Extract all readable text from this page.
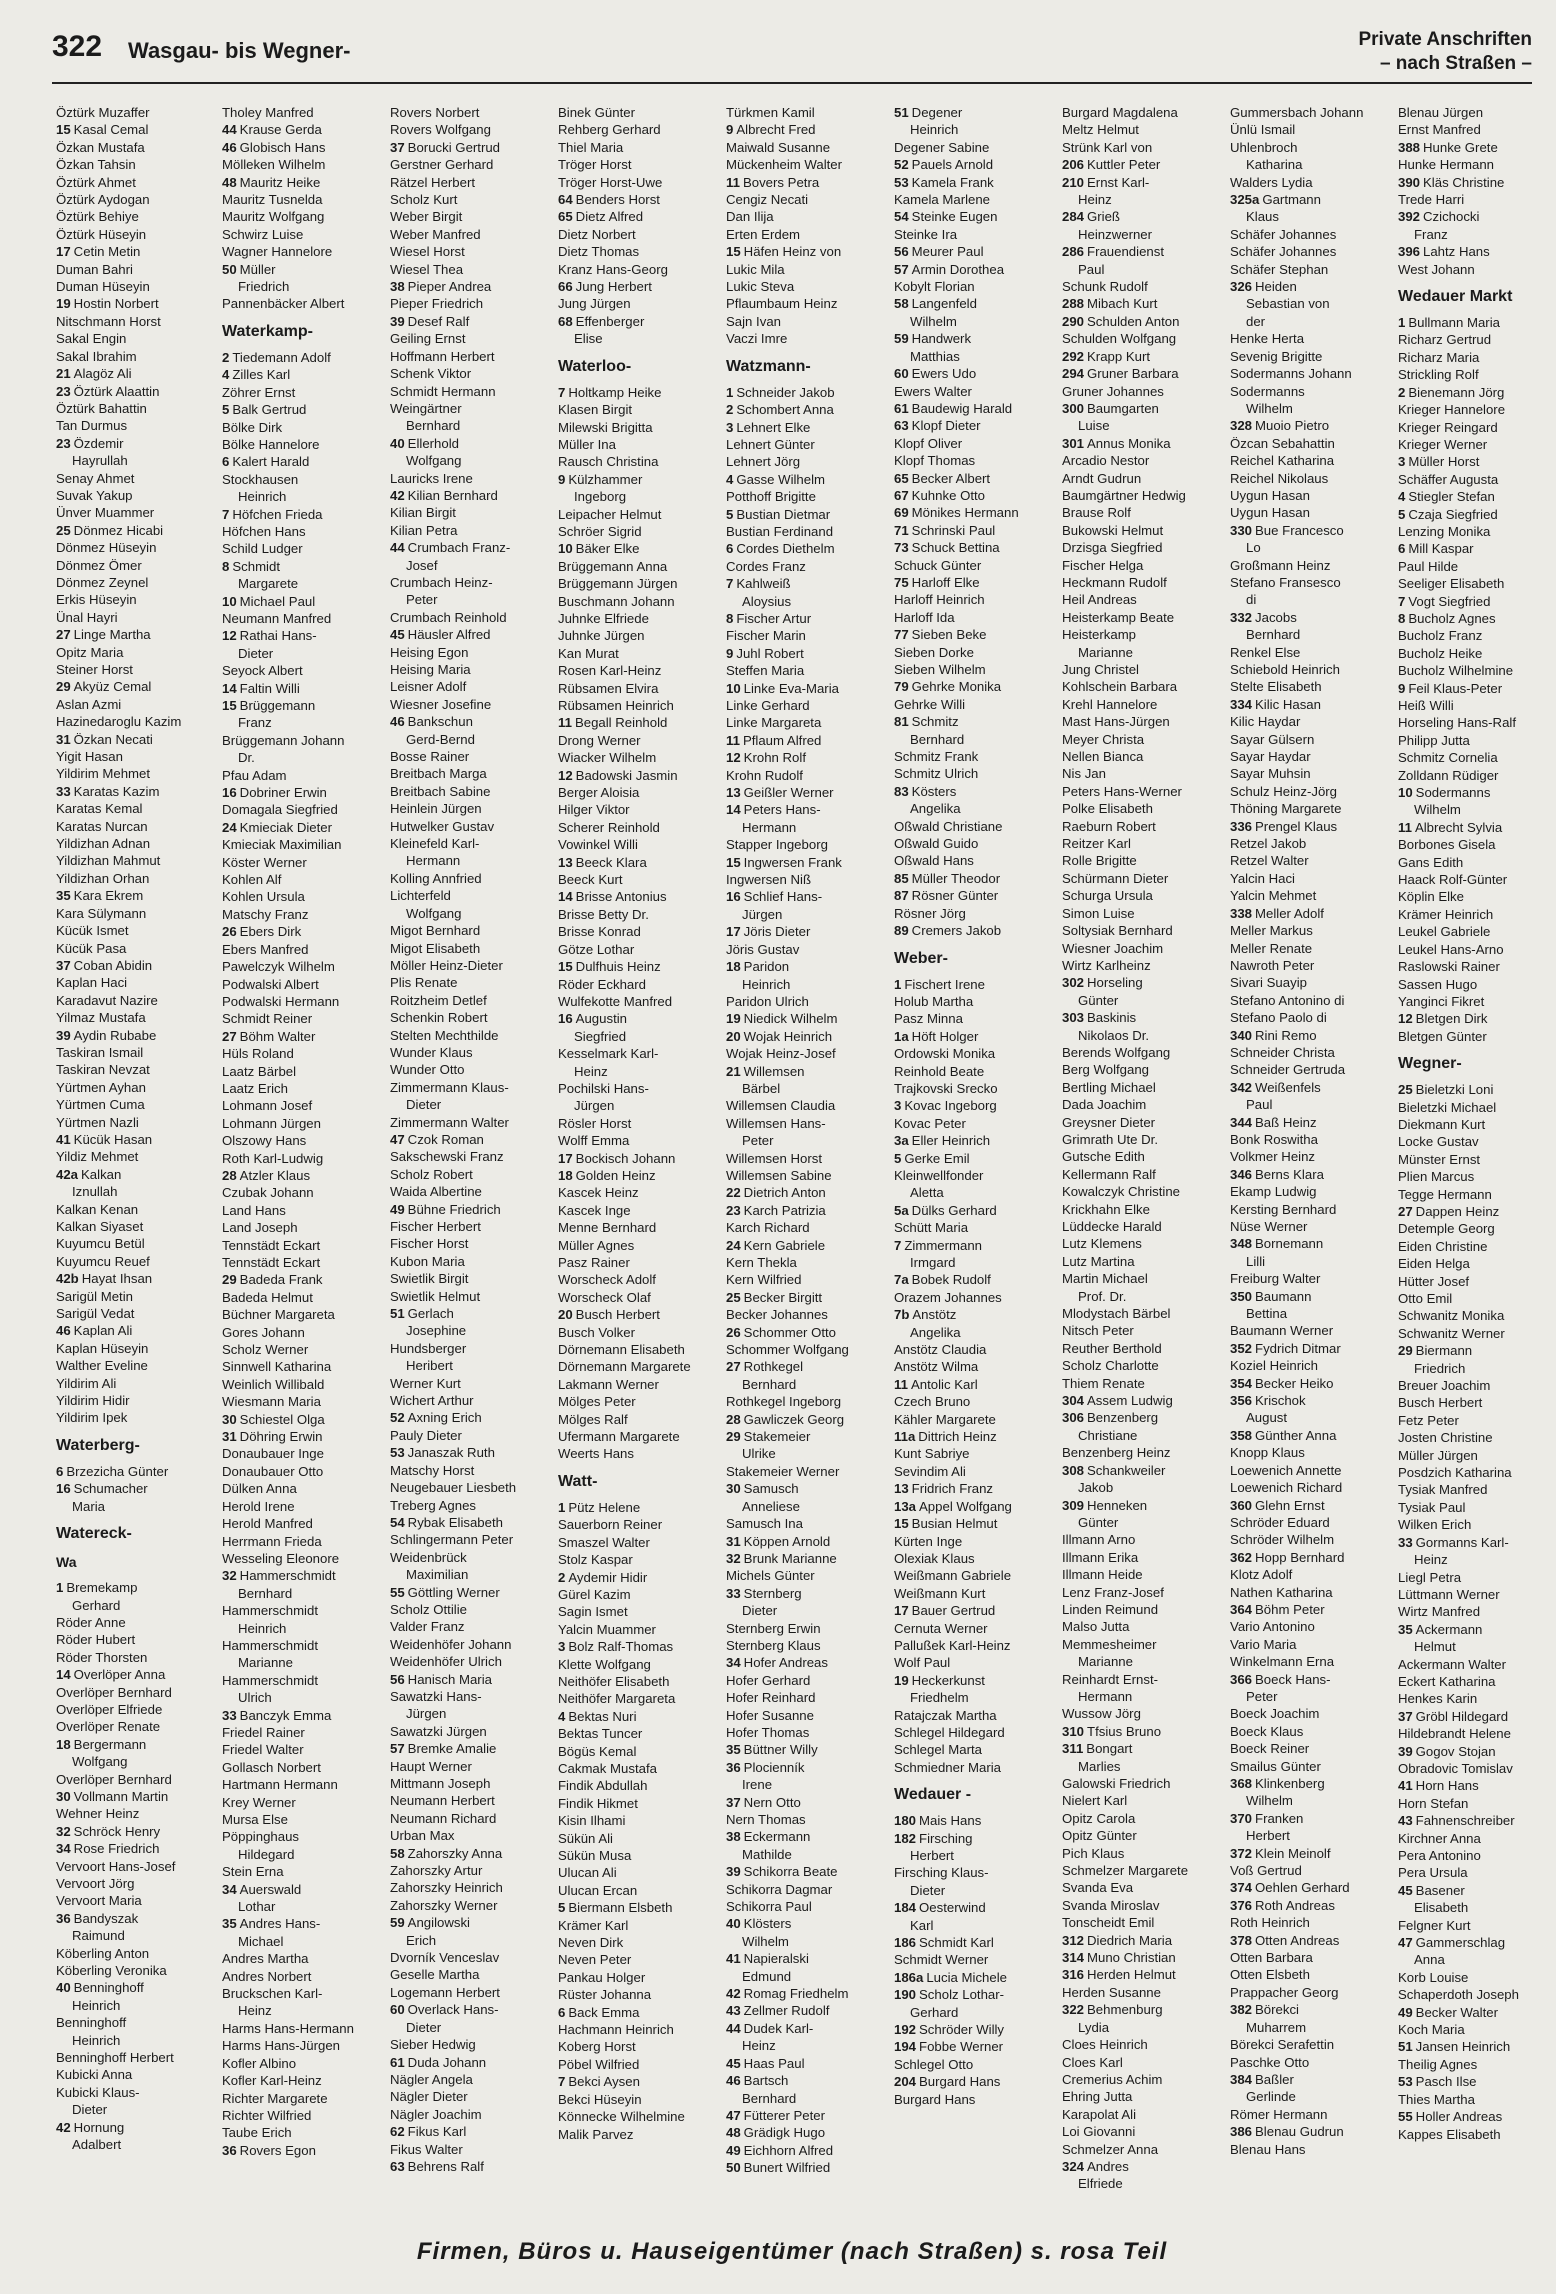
322 Wasgau- bis Wegner-	Private Anschriften
– nach Straßen –
Öztürk Muzaffer
15 Kasal Cemal
Özkan Mustafa
Özkan Tahsin
Öztürk Ahmet
Öztürk Aydogan
Öztürk Behiye
Öztürk Hüseyin
17 Cetin Metin
Duman Bahri
Duman Hüseyin
19 Hostin Norbert
Nitschmann Horst
Sakal Engin
Sakal Ibrahim
21 Alagöz Ali
23 Öztürk Alaattin
Öztürk Bahattin
Tan Durmus
23 Özdemir
Hayrullah
Senay Ahmet
Suvak Yakup
Ünver Muammer
25 Dönmez Hicabi
Dönmez Hüseyin
Dönmez Ömer
Dönmez Zeynel
Erkis Hüseyin
Ünal Hayri
27 Linge Martha
Opitz Maria
Steiner Horst
29 Akyüz Cemal
Aslan Azmi
Hazinedaroglu Kazim
31 Özkan Necati
Yigit Hasan
Yildirim Mehmet
33 Karatas Kazim
Karatas Kemal
Karatas Nurcan
Yildizhan Adnan
Yildizhan Mahmut
Yildizhan Orhan
35 Kara Ekrem
Kara Sülymann
Kücük Ismet
Kücük Pasa
37 Coban Abidin
Kaplan Haci
Karadavut Nazire
Yilmaz Mustafa
39 Aydin Rubabe
Taskiran Ismail
Taskiran Nevzat
Yürtmen Ayhan
Yürtmen Cuma
Yürtmen Nazli
41 Kücük Hasan
Yildiz Mehmet
42a Kalkan
Iznullah
Kalkan Kenan
Kalkan Siyaset
Kuyumcu Betül
Kuyumcu Reuef
42b Hayat Ihsan
Sarigül Metin
Sarigül Vedat
46 Kaplan Ali
Kaplan Hüseyin
Walther Eveline
Yildirim Ali
Yildirim Hidir
Yildirim Ipek
Waterberg-
6 Brzezicha Günter
16 Schumacher
Maria
Watereck-
Wa
1 Bremekamp
Gerhard
Röder Anne
Röder Hubert
Röder Thorsten
14 Overlöper Anna
Overlöper Bernhard
Overlöper Elfriede
Overlöper Renate
18 Bergermann
Wolfgang
Overlöper Bernhard
30 Vollmann Martin
Wehner Heinz
32 Schröck Henry
34 Rose Friedrich
Vervoort Hans-Josef
Vervoort Jörg
Vervoort Maria
36 Bandyszak
Raimund
Köberling Anton
Köberling Veronika
40 Benninghoff
Heinrich
Benninghoff
Heinrich
Benninghoff Herbert
Kubicki Anna
Kubicki Klaus-
Dieter
42 Hornung
Adalbert
Tholey Manfred
44 Krause Gerda
46 Globisch Hans
Mölleken Wilhelm
48 Mauritz Heike
Mauritz Tusnelda
Mauritz Wolfgang
Schwirz Luise
Wagner Hannelore
50 Müller
Friedrich
Pannenbäcker Albert
Waterkamp-
2 Tiedemann Adolf
4 Zilles Karl
Zöhrer Ernst
5 Balk Gertrud
Bölke Dirk
Bölke Hannelore
6 Kalert Harald
Stockhausen
Heinrich
7 Höfchen Frieda
Höfchen Hans
Schild Ludger
8 Schmidt
Margarete
10 Michael Paul
Neumann Manfred
12 Rathai Hans-
Dieter
Seyock Albert
14 Faltin Willi
15 Brüggemann
Franz
Brüggemann Johann
Dr.
Pfau Adam
16 Dobriner Erwin
Domagala Siegfried
24 Kmieciak Dieter
Kmieciak Maximilian
Köster Werner
Kohlen Alf
Kohlen Ursula
Matschy Franz
26 Ebers Dirk
Ebers Manfred
Pawelczyk Wilhelm
Podwalski Albert
Podwalski Hermann
Schmidt Reiner
27 Böhm Walter
Hüls Roland
Laatz Bärbel
Laatz Erich
Lohmann Josef
Lohmann Jürgen
Olszowy Hans
Roth Karl-Ludwig
28 Atzler Klaus
Czubak Johann
Land Hans
Land Joseph
Tennstädt Eckart
Tennstädt Eckart
29 Badeda Frank
Badeda Helmut
Büchner Margareta
Gores Johann
Scholz Werner
Sinnwell Katharina
Weinlich Willibald
Wiesmann Maria
30 Schiestel Olga
31 Döhring Erwin
Donaubauer Inge
Donaubauer Otto
Dülken Anna
Herold Irene
Herold Manfred
Herrmann Frieda
Wesseling Eleonore
32 Hammerschmidt
Bernhard
Hammerschmidt
Heinrich
Hammerschmidt
Marianne
Hammerschmidt
Ulrich
33 Banczyk Emma
Friedel Rainer
Friedel Walter
Gollasch Norbert
Hartmann Hermann
Krey Werner
Mursa Else
Pöppinghaus
Hildegard
Stein Erna
34 Auerswald
Lothar
35 Andres Hans-
Michael
Andres Martha
Andres Norbert
Bruckschen Karl-
Heinz
Harms Hans-Hermann
Harms Hans-Jürgen
Kofler Albino
Kofler Karl-Heinz
Richter Margarete
Richter Wilfried
Taube Erich
36 Rovers Egon
Rovers Norbert
Rovers Wolfgang
37 Borucki Gertrud
Gerstner Gerhard
Rätzel Herbert
Scholz Kurt
Weber Birgit
Weber Manfred
Wiesel Horst
Wiesel Thea
38 Pieper Andrea
Pieper Friedrich
39 Desef Ralf
Geiling Ernst
Hoffmann Herbert
Schenk Viktor
Schmidt Hermann
Weingärtner
Bernhard
40 Ellerhold
Wolfgang
Lauricks Irene
42 Kilian Bernhard
Kilian Birgit
Kilian Petra
44 Crumbach Franz-
Josef
Crumbach Heinz-
Peter
Crumbach Reinhold
45 Häusler Alfred
Heising Egon
Heising Maria
Leisner Adolf
Wiesner Josefine
46 Bankschun
Gerd-Bernd
Bosse Rainer
Breitbach Marga
Breitbach Sabine
Heinlein Jürgen
Hutwelker Gustav
Kleinefeld Karl-
Hermann
Kolling Annfried
Lichterfeld
Wolfgang
Migot Bernhard
Migot Elisabeth
Möller Heinz-Dieter
Plis Renate
Roitzheim Detlef
Schenkin Robert
Stelten Mechthilde
Wunder Klaus
Wunder Otto
Zimmermann Klaus-
Dieter
Zimmermann Walter
47 Czok Roman
Sakschewski Franz
Scholz Robert
Waida Albertine
49 Bühne Friedrich
Fischer Herbert
Fischer Horst
Kubon Maria
Swietlik Birgit
Swietlik Helmut
51 Gerlach
Josephine
Hundsberger
Heribert
Werner Kurt
Wichert Arthur
52 Axning Erich
Pauly Dieter
53 Janaszak Ruth
Matschy Horst
Neugebauer Liesbeth
Treberg Agnes
54 Rybak Elisabeth
Schlingermann Peter
Weidenbrück
Maximilian
55 Göttling Werner
Scholz Ottilie
Valder Franz
Weidenhöfer Johann
Weidenhöfer Ulrich
56 Hanisch Maria
Sawatzki Hans-
Jürgen
Sawatzki Jürgen
57 Bremke Amalie
Haupt Werner
Mittmann Joseph
Neumann Herbert
Neumann Richard
Urban Max
58 Zahorszky Anna
Zahorszky Artur
Zahorszky Heinrich
Zahorszky Werner
59 Angilowski
Erich
Dvorník Venceslav
Geselle Martha
Logemann Herbert
60 Overlack Hans-
Dieter
Sieber Hedwig
61 Duda Johann
Nägler Angela
Nägler Dieter
Nägler Joachim
62 Fikus Karl
Fikus Walter
63 Behrens Ralf
Binek Günter
Rehberg Gerhard
Thiel Maria
Tröger Horst
Tröger Horst-Uwe
64 Benders Horst
65 Dietz Alfred
Dietz Norbert
Dietz Thomas
Kranz Hans-Georg
66 Jung Herbert
Jung Jürgen
68 Effenberger
Elise
Waterloo-
7 Holtkamp Heike
Klasen Birgit
Milewski Brigitta
Müller Ina
Rausch Christina
9 Külzhammer
Ingeborg
Leipacher Helmut
Schröer Sigrid
10 Bäker Elke
Brüggemann Anna
Brüggemann Jürgen
Buschmann Johann
Juhnke Elfriede
Juhnke Jürgen
Kan Murat
Rosen Karl-Heinz
Rübsamen Elvira
Rübsamen Heinrich
11 Begall Reinhold
Drong Werner
Wiacker Wilhelm
12 Badowski Jasmin
Berger Aloisia
Hilger Viktor
Scherer Reinhold
Vowinkel Willi
13 Beeck Klara
Beeck Kurt
14 Brisse Antonius
Brisse Betty Dr.
Brisse Konrad
Götze Lothar
15 Dulfhuis Heinz
Röder Eckhard
Wulfekotte Manfred
16 Augustin
Siegfried
Kesselmark Karl-
Heinz
Pochilski Hans-
Jürgen
Rösler Horst
Wolff Emma
17 Bockisch Johann
18 Golden Heinz
Kascek Heinz
Kascek Inge
Menne Bernhard
Müller Agnes
Pasz Rainer
Worscheck Adolf
Worscheck Olaf
20 Busch Herbert
Busch Volker
Dörnemann Elisabeth
Dörnemann Margarete
Lakmann Werner
Mölges Peter
Mölges Ralf
Ufermann Margarete
Weerts Hans
Watt-
1 Pütz Helene
Sauerborn Reiner
Smaszel Walter
Stolz Kaspar
2 Aydemir Hidir
Gürel Kazim
Sagin Ismet
Yalcin Muammer
3 Bolz Ralf-Thomas
Klette Wolfgang
Neithöfer Elisabeth
Neithöfer Margareta
4 Bektas Nuri
Bektas Tuncer
Bögüs Kemal
Cakmak Mustafa
Findik Abdullah
Findik Hikmet
Kisin Ilhami
Sükün Ali
Sükün Musa
Ulucan Ali
Ulucan Ercan
5 Biermann Elsbeth
Krämer Karl
Neven Dirk
Neven Peter
Pankau Holger
Rüster Johanna
6 Back Emma
Hachmann Heinrich
Koberg Horst
Pöbel Wilfried
7 Bekci Aysen
Bekci Hüseyin
Könnecke Wilhelmine
Malik Parvez
Türkmen Kamil
9 Albrecht Fred
Maiwald Susanne
Mückenheim Walter
11 Bovers Petra
Cengiz Necati
Dan Ilija
Erten Erdem
15 Häfen Heinz von
Lukic Mila
Lukic Steva
Pflaumbaum Heinz
Sajn Ivan
Vaczi Imre
Watzmann-
1 Schneider Jakob
2 Schombert Anna
3 Lehnert Elke
Lehnert Günter
Lehnert Jörg
4 Gasse Wilhelm
Potthoff Brigitte
5 Bustian Dietmar
Bustian Ferdinand
6 Cordes Diethelm
Cordes Franz
7 Kahlweiß
Aloysius
8 Fischer Artur
Fischer Marin
9 Juhl Robert
Steffen Maria
10 Linke Eva-Maria
Linke Gerhard
Linke Margareta
11 Pflaum Alfred
12 Krohn Rolf
Krohn Rudolf
13 Geißler Werner
14 Peters Hans-
Hermann
Stapper Ingeborg
15 Ingwersen Frank
Ingwersen Niß
16 Schlief Hans-
Jürgen
17 Jöris Dieter
Jöris Gustav
18 Paridon
Heinrich
Paridon Ulrich
19 Niedick Wilhelm
20 Wojak Heinrich
Wojak Heinz-Josef
21 Willemsen
Bärbel
Willemsen Claudia
Willemsen Hans-
Peter
Willemsen Horst
Willemsen Sabine
22 Dietrich Anton
23 Karch Patrizia
Karch Richard
24 Kern Gabriele
Kern Thekla
Kern Wilfried
25 Becker Birgitt
Becker Johannes
26 Schommer Otto
Schommer Wolfgang
27 Rothkegel
Bernhard
Rothkegel Ingeborg
28 Gawliczek Georg
29 Stakemeier
Ulrike
Stakemeier Werner
30 Samusch
Anneliese
Samusch Ina
31 Köppen Arnold
32 Brunk Marianne
Michels Günter
33 Sternberg
Dieter
Sternberg Erwin
Sternberg Klaus
34 Hofer Andreas
Hofer Gerhard
Hofer Reinhard
Hofer Susanne
Hofer Thomas
35 Büttner Willy
36 Plocienník
Irene
37 Nern Otto
Nern Thomas
38 Eckermann
Mathilde
39 Schikorra Beate
Schikorra Dagmar
Schikorra Paul
40 Klösters
Wilhelm
41 Napieralski
Edmund
42 Romag Friedhelm
43 Zellmer Rudolf
44 Dudek Karl-
Heinz
45 Haas Paul
46 Bartsch
Bernhard
47 Fütterer Peter
48 Grädigk Hugo
49 Eichhorn Alfred
50 Bunert Wilfried
51 Degener
Heinrich
Degener Sabine
52 Pauels Arnold
53 Kamela Frank
Kamela Marlene
54 Steinke Eugen
Steinke Ira
56 Meurer Paul
57 Armin Dorothea
Kobylt Florian
58 Langenfeld
Wilhelm
59 Handwerk
Matthias
60 Ewers Udo
Ewers Walter
61 Baudewig Harald
63 Klopf Dieter
Klopf Oliver
Klopf Thomas
65 Becker Albert
67 Kuhnke Otto
69 Mönikes Hermann
71 Schrinski Paul
73 Schuck Bettina
Schuck Günter
75 Harloff Elke
Harloff Heinrich
Harloff Ida
77 Sieben Beke
Sieben Dorke
Sieben Wilhelm
79 Gehrke Monika
Gehrke Willi
81 Schmitz
Bernhard
Schmitz Frank
Schmitz Ulrich
83 Kösters
Angelika
Oßwald Christiane
Oßwald Guido
Oßwald Hans
85 Müller Theodor
87 Rösner Günter
Rösner Jörg
89 Cremers Jakob
Weber-
1 Fischert Irene
Holub Martha
Pasz Minna
1a Höft Holger
Ordowski Monika
Reinhold Beate
Trajkovski Srecko
3 Kovac Ingeborg
Kovac Peter
3a Eller Heinrich
5 Gerke Emil
Kleinwellfonder
Aletta
5a Dülks Gerhard
Schütt Maria
7 Zimmermann
Irmgard
7a Bobek Rudolf
Orazem Johannes
7b Anstötz
Angelika
Anstötz Claudia
Anstötz Wilma
11 Antolic Karl
Czech Bruno
Kähler Margarete
11a Dittrich Heinz
Kunt Sabriye
Sevindim Ali
13 Fridrich Franz
13a Appel Wolfgang
15 Busian Helmut
Kürten Inge
Olexiak Klaus
Weißmann Gabriele
Weißmann Kurt
17 Bauer Gertrud
Cernuta Werner
Pallußek Karl-Heinz
Wolf Paul
19 Heckerkunst
Friedhelm
Ratajczak Martha
Schlegel Hildegard
Schlegel Marta
Schmiedner Maria
Wedauer -
180 Mais Hans
182 Firsching
Herbert
Firsching Klaus-
Dieter
184 Oesterwind
Karl
186 Schmidt Karl
Schmidt Werner
186a Lucia Michele
190 Scholz Lothar-
Gerhard
192 Schröder Willy
194 Fobbe Werner
Schlegel Otto
204 Burgard Hans
Burgard Hans
Burgard Magdalena
Meltz Helmut
Strünk Karl von
206 Kuttler Peter
210 Ernst Karl-
Heinz
284 Grieß
Heinzwerner
286 Frauendienst
Paul
Schunk Rudolf
288 Mibach Kurt
290 Schulden Anton
Schulden Wolfgang
292 Krapp Kurt
294 Gruner Barbara
Gruner Johannes
300 Baumgarten
Luise
301 Annus Monika
Arcadio Nestor
Arndt Gudrun
Baumgärtner Hedwig
Brause Rolf
Bukowski Helmut
Drzisga Siegfried
Fischer Helga
Heckmann Rudolf
Heil Andreas
Heisterkamp Beate
Heisterkamp
Marianne
Jung Christel
Kohlschein Barbara
Krehl Hannelore
Mast Hans-Jürgen
Meyer Christa
Nellen Bianca
Nis Jan
Peters Hans-Werner
Polke Elisabeth
Raeburn Robert
Reitzer Karl
Rolle Brigitte
Schürmann Dieter
Schurga Ursula
Simon Luise
Soltysiak Bernhard
Wiesner Joachim
Wirtz Karlheinz
302 Horseling
Günter
303 Baskinis
Nikolaos Dr.
Berends Wolfgang
Berg Wolfgang
Bertling Michael
Dada Joachim
Greysner Dieter
Grimrath Ute Dr.
Gutsche Edith
Kellermann Ralf
Kowalczyk Christine
Krickhahn Elke
Lüddecke Harald
Lutz Klemens
Lutz Martina
Martin Michael
Prof. Dr.
Mlodystach Bärbel
Nitsch Peter
Reuther Berthold
Scholz Charlotte
Thiem Renate
304 Assem Ludwig
306 Benzenberg
Christiane
Benzenberg Heinz
308 Schankweiler
Jakob
309 Henneken
Günter
Illmann Arno
Illmann Erika
Illmann Heide
Lenz Franz-Josef
Linden Reimund
Malso Jutta
Memmesheimer
Marianne
Reinhardt Ernst-
Hermann
Wussow Jörg
310 Tfsius Bruno
311 Bongart
Marlies
Galowski Friedrich
Nielert Karl
Opitz Carola
Opitz Günter
Pich Klaus
Schmelzer Margarete
Svanda Eva
Svanda Miroslav
Tonscheidt Emil
312 Diedrich Maria
314 Muno Christian
316 Herden Helmut
Herden Susanne
322 Behmenburg
Lydia
Cloes Heinrich
Cloes Karl
Cremerius Achim
Ehring Jutta
Karapolat Ali
Loi Giovanni
Schmelzer Anna
324 Andres
Elfriede
Gummersbach Johann
Ünlü Ismail
Uhlenbroch
Katharina
Walders Lydia
325a Gartmann
Klaus
Schäfer Johannes
Schäfer Johannes
Schäfer Stephan
326 Heiden
Sebastian von
der
Henke Herta
Sevenig Brigitte
Sodermanns Johann
Sodermanns
Wilhelm
328 Muoio Pietro
Özcan Sebahattin
Reichel Katharina
Reichel Nikolaus
Uygun Hasan
Uygun Hasan
330 Bue Francesco
Lo
Großmann Heinz
Stefano Fransesco
di
332 Jacobs
Bernhard
Renkel Else
Schiebold Heinrich
Stelte Elisabeth
334 Kilic Hasan
Kilic Haydar
Sayar Gülsern
Sayar Haydar
Sayar Muhsin
Schulz Heinz-Jörg
Thöning Margarete
336 Prengel Klaus
Retzel Jakob
Retzel Walter
Yalcin Haci
Yalcin Mehmet
338 Meller Adolf
Meller Markus
Meller Renate
Nawroth Peter
Sivari Suayip
Stefano Antonino di
Stefano Paolo di
340 Rini Remo
Schneider Christa
Schneider Gertruda
342 Weißenfels
Paul
344 Baß Heinz
Bonk Roswitha
Volkmer Heinz
346 Berns Klara
Ekamp Ludwig
Kersting Bernhard
Nüse Werner
348 Bornemann
Lilli
Freiburg Walter
350 Baumann
Bettina
Baumann Werner
352 Fydrich Ditmar
Koziel Heinrich
354 Becker Heiko
356 Krischok
August
358 Günther Anna
Knopp Klaus
Loewenich Annette
Loewenich Richard
360 Glehn Ernst
Schröder Eduard
Schröder Wilhelm
362 Hopp Bernhard
Klotz Adolf
Nathen Katharina
364 Böhm Peter
Vario Antonino
Vario Maria
Winkelmann Erna
366 Boeck Hans-
Peter
Boeck Joachim
Boeck Klaus
Boeck Reiner
Smailus Günter
368 Klinkenberg
Wilhelm
370 Franken
Herbert
372 Klein Meinolf
Voß Gertrud
374 Oehlen Gerhard
376 Roth Andreas
Roth Heinrich
378 Otten Andreas
Otten Barbara
Otten Elsbeth
Prappacher Georg
382 Börekci
Muharrem
Börekci Serafettin
Paschke Otto
384 Baßler
Gerlinde
Römer Hermann
386 Blenau Gudrun
Blenau Hans
Blenau Jürgen
Ernst Manfred
388 Hunke Grete
Hunke Hermann
390 Kläs Christine
Trede Harri
392 Czichocki
Franz
396 Lahtz Hans
West Johann
Wedauer Markt
1 Bullmann Maria
Richarz Gertrud
Richarz Maria
Strickling Rolf
2 Bienemann Jörg
Krieger Hannelore
Krieger Reingard
Krieger Werner
3 Müller Horst
Schäffer Augusta
4 Stiegler Stefan
5 Czaja Siegfried
Lenzing Monika
6 Mill Kaspar
Paul Hilde
Seeliger Elisabeth
7 Vogt Siegfried
8 Bucholz Agnes
Bucholz Franz
Bucholz Heike
Bucholz Wilhelmine
9 Feil Klaus-Peter
Heiß Willi
Horseling Hans-Ralf
Philipp Jutta
Schmitz Cornelia
Zolldann Rüdiger
10 Sodermanns
Wilhelm
11 Albrecht Sylvia
Borbones Gisela
Gans Edith
Haack Rolf-Günter
Köplin Elke
Krämer Heinrich
Leukel Gabriele
Leukel Hans-Arno
Raslowski Rainer
Sassen Hugo
Yanginci Fikret
12 Bletgen Dirk
Bletgen Günter
Wegner-
25 Bieletzki Loni
Bieletzki Michael
Diekmann Kurt
Locke Gustav
Münster Ernst
Plien Marcus
Tegge Hermann
27 Dappen Heinz
Detemple Georg
Eiden Christine
Eiden Helga
Hütter Josef
Otto Emil
Schwanitz Monika
Schwanitz Werner
29 Biermann
Friedrich
Breuer Joachim
Busch Herbert
Fetz Peter
Josten Christine
Müller Jürgen
Posdzich Katharina
Tysiak Manfred
Tysiak Paul
Wilken Erich
33 Gormanns Karl-
Heinz
Liegl Petra
Lüttmann Werner
Wirtz Manfred
35 Ackermann
Helmut
Ackermann Walter
Eckert Katharina
Henkes Karin
37 Gröbl Hildegard
Hildebrandt Helene
39 Gogov Stojan
Obradovic Tomislav
41 Horn Hans
Horn Stefan
43 Fahnenschreiber
Kirchner Anna
Pera Antonino
Pera Ursula
45 Basener
Elisabeth
Felgner Kurt
47 Gammerschlag
Anna
Korb Louise
Schaperdoth Joseph
49 Becker Walter
Koch Maria
51 Jansen Heinrich
Theilig Agnes
53 Pasch Ilse
Thies Martha
55 Holler Andreas
Kappes Elisabeth
Firmen, Büros u. Hauseigentümer (nach Straßen) s. rosa Teil
